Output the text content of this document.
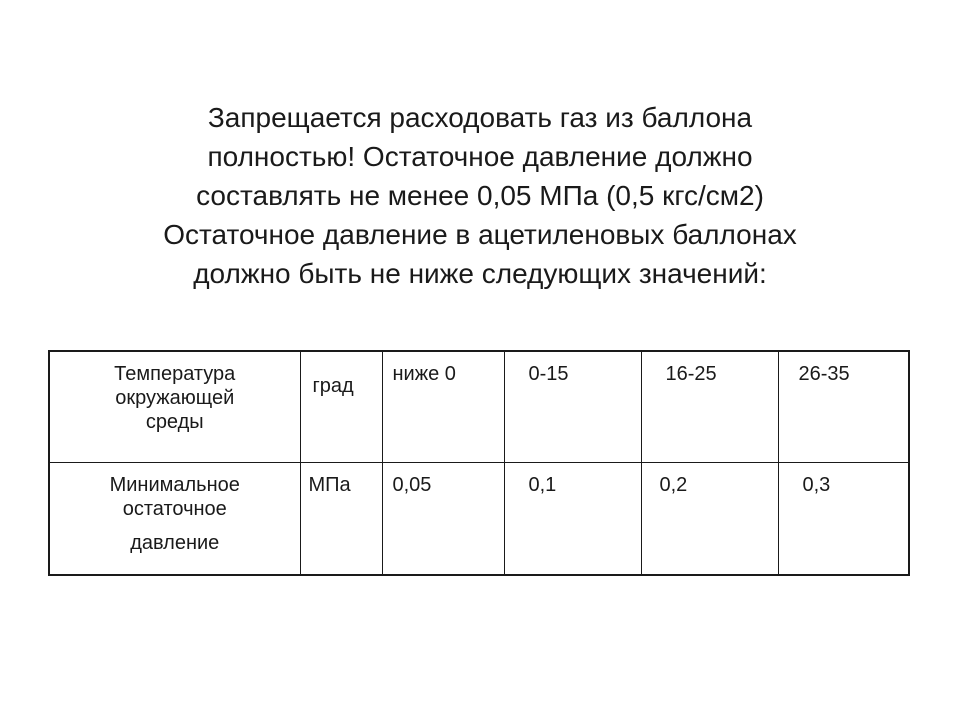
Запрещается расходовать газ из баллона
полностью! Остаточное давление должно
составлять не менее 0,05 МПа (0,5 кгс/см2)
Остаточное давление в ацетиленовых баллонах
должно быть не ниже следующих значений:
Температура
окружающей
среды	град	ниже 0	0-15	16-25	26-35

Минимальное
остаточное
давление	МПа	0,05	0,1	0,2	0,3
